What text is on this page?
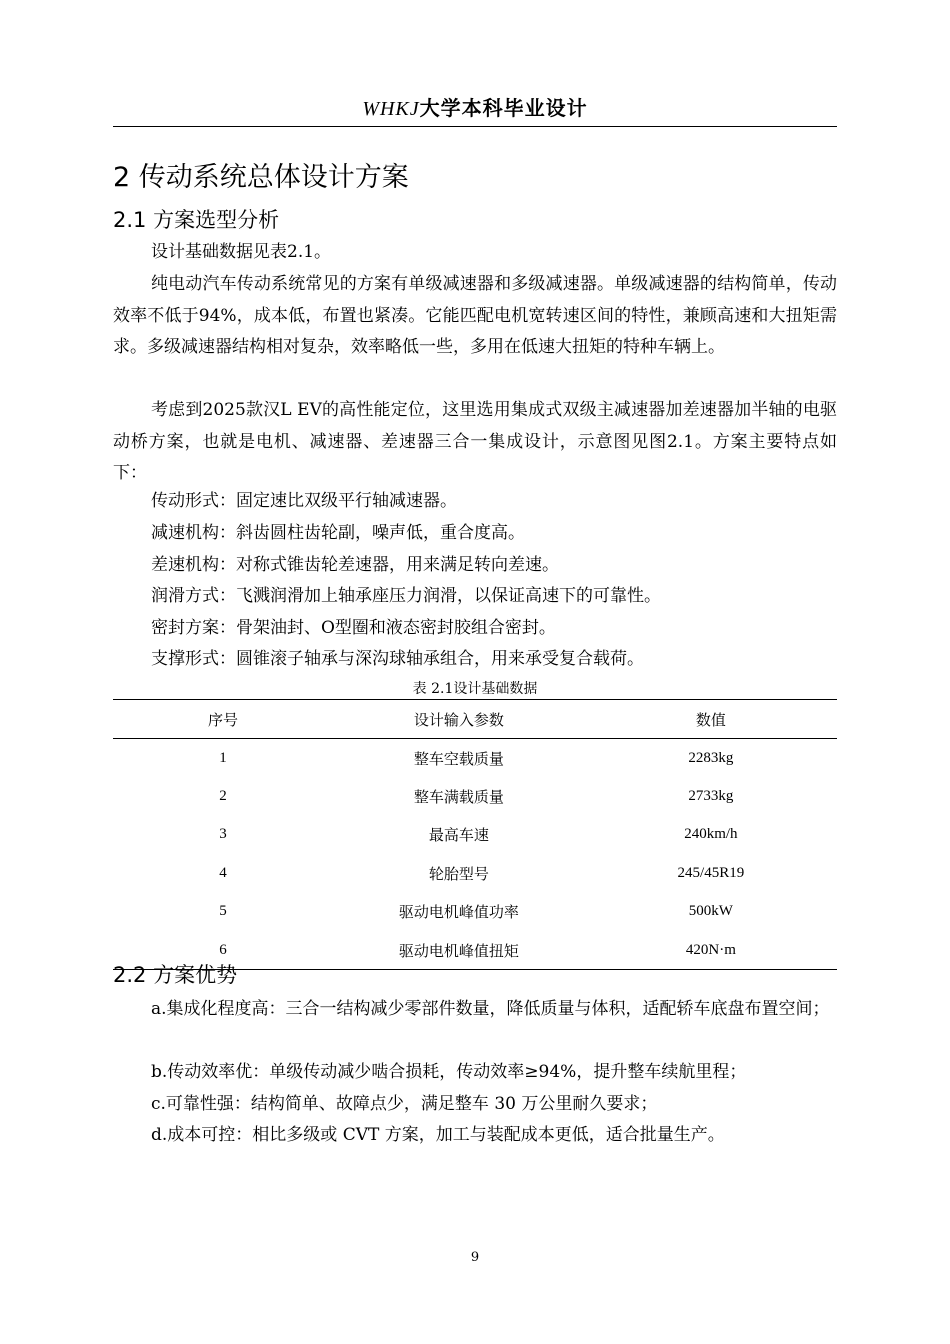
WHKJ大学本科毕业设计
2 传动系统总体设计方案
2.1 方案选型分析

设计基础数据见表2.1。

纯电动汽车传动系统常见的方案有单级减速器和多级减速器。单级减速器的结构简单，传动效率不低于94%，成本低，布置也紧凑。它能匹配电机宽转速区间的特性，兼顾高速和大扭矩需求。多级减速器结构相对复杂，效率略低一些，多用在低速大扭矩的特种车辆上。

考虑到2025款汉L EV的高性能定位，这里选用集成式双级主减速器加差速器加半轴的电驱动桥方案，也就是电机、减速器、差速器三合一集成设计，示意图见图2.1。方案主要特点如下：

传动形式：固定速比双级平行轴减速器。

减速机构：斜齿圆柱齿轮副，噪声低，重合度高。

差速机构：对称式锥齿轮差速器，用来满足转向差速。

润滑方式：飞溅润滑加上轴承座压力润滑，以保证高速下的可靠性。

密封方案：骨架油封、O型圈和液态密封胶组合密封。

支撑形式：圆锥滚子轴承与深沟球轴承组合，用来承受复合载荷。

表 2.1设计基础数据
序号	设计输入参数	数值
1	整车空载质量	2283kg
2	整车满载质量	2733kg
3	最高车速	240km/h
4	轮胎型号	245/45R19
5	驱动电机峰值功率	500kW
6	驱动电机峰值扭矩	420N·m
2.2 方案优势

a.集成化程度高：三合一结构减少零部件数量，降低质量与体积，适配轿车底盘布置空间；

b.传动效率优：单级传动减少啮合损耗，传动效率≥94%，提升整车续航里程；

c.可靠性强：结构简单、故障点少，满足整车 30 万公里耐久要求；

d.成本可控：相比多级或 CVT 方案，加工与装配成本更低，适合批量生产。

9
